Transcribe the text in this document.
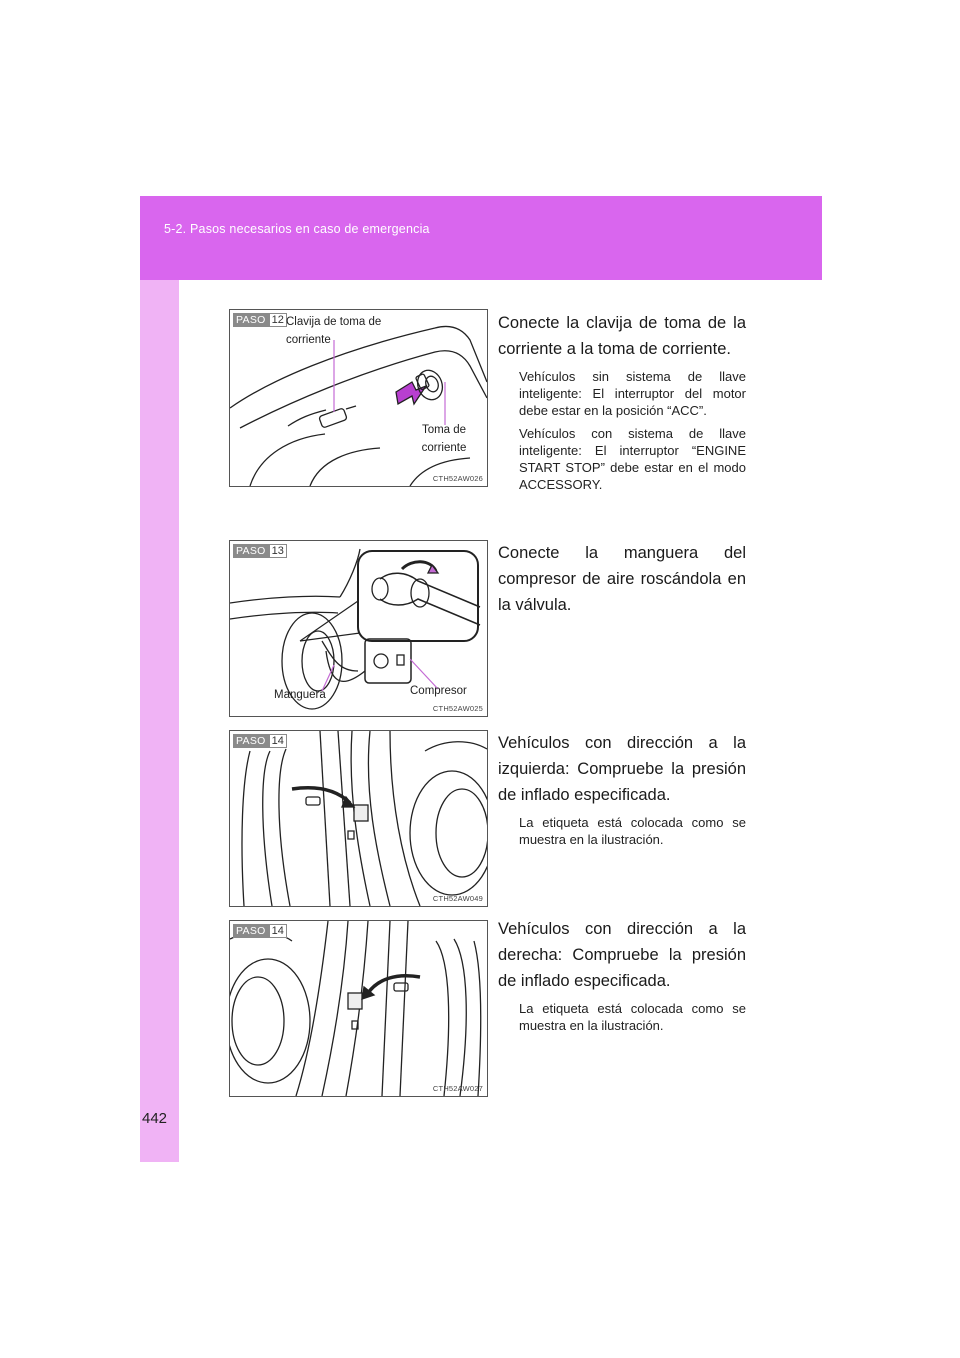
5-2. Pasos necesarios en caso de emergencia
442
PASO 12 Clavija de toma de corriente
Toma de corriente
CTH52AW026

Conecte la clavija de toma de la corriente a la toma de corriente.

Vehículos sin sistema de llave inteligente: El interruptor del motor debe estar en la posición “ACC”.

Vehículos con sistema de llave inteligente: El interruptor “ENGINE START STOP” debe estar en el modo ACCESSORY.

PASO 13
Manguera	Compresor
CTH52AW025

Conecte la manguera del compresor de aire roscándola en la válvula.

PASO 14
CTH52AW049

Vehículos con dirección a la izquierda: Compruebe la presión de inflado especificada.

La etiqueta está colocada como se muestra en la ilustración.

PASO 14
CTH52AW027

Vehículos con dirección a la derecha: Compruebe la presión de inflado especificada.

La etiqueta está colocada como se muestra en la ilustración.
